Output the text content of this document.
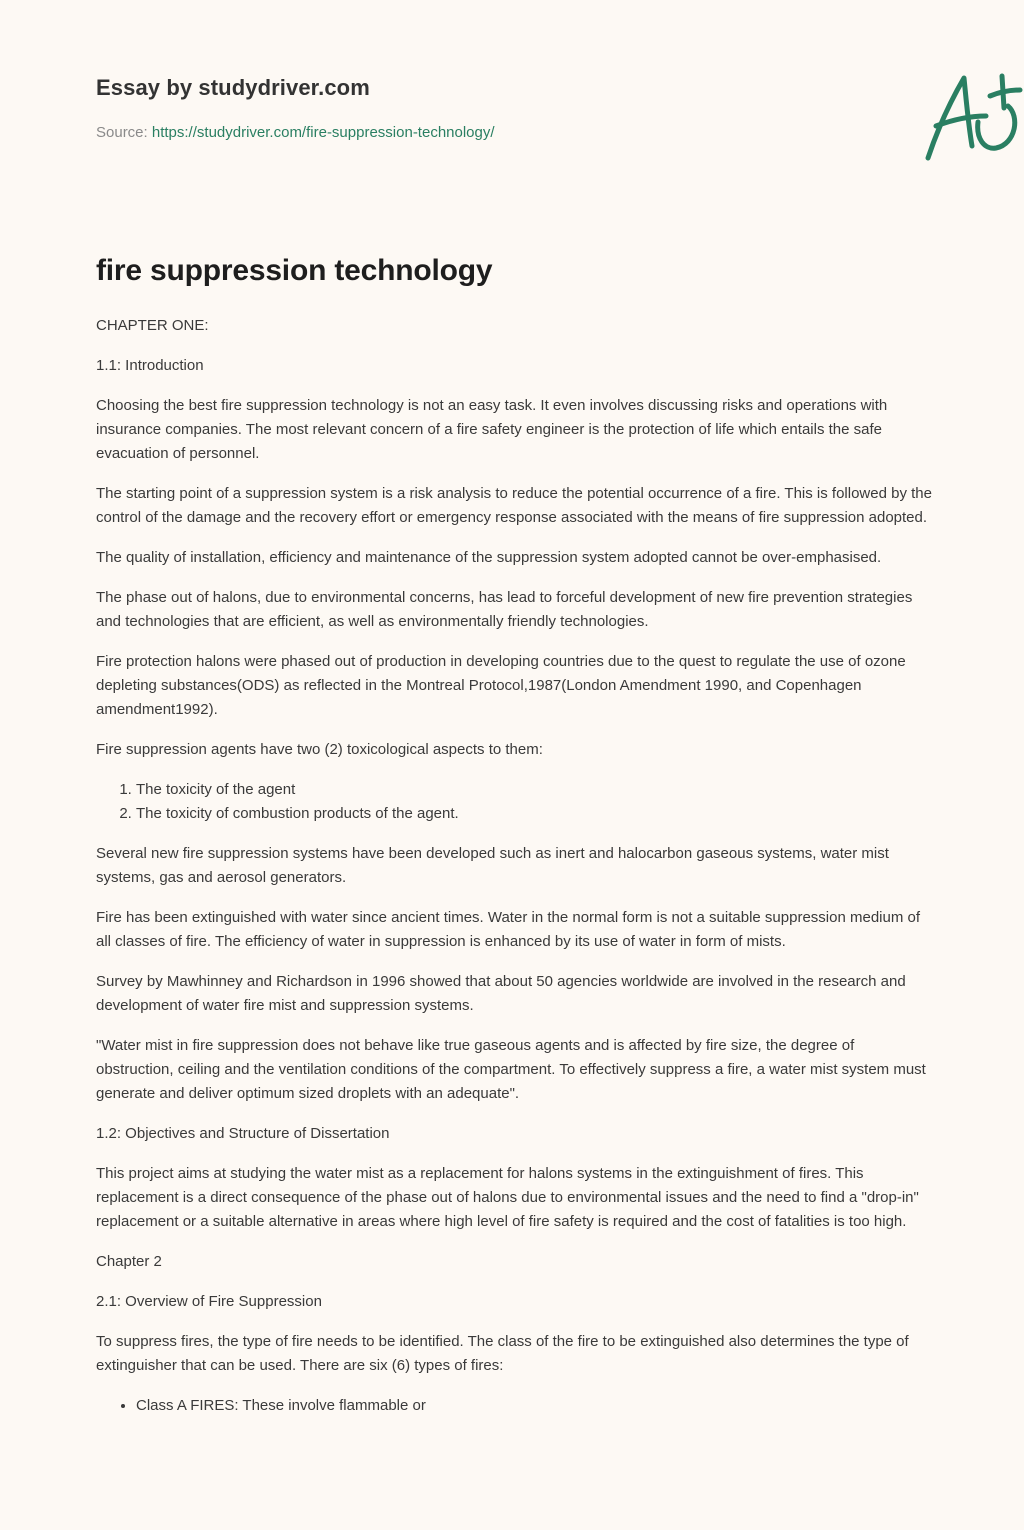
Essay by studydriver.com
Source: https://studydriver.com/fire-suppression-technology/
fire suppression technology

CHAPTER ONE:

1.1: Introduction

Choosing the best fire suppression technology is not an easy task. It even involves discussing risks and operations with insurance companies. The most relevant concern of a fire safety engineer is the protection of life which entails the safe evacuation of personnel.

The starting point of a suppression system is a risk analysis to reduce the potential occurrence of a fire. This is followed by the control of the damage and the recovery effort or emergency response associated with the means of fire suppression adopted.

The quality of installation, efficiency and maintenance of the suppression system adopted cannot be over-emphasised.

The phase out of halons, due to environmental concerns, has lead to forceful development of new fire prevention strategies and technologies that are efficient, as well as environmentally friendly technologies.

Fire protection halons were phased out of production in developing countries due to the quest to regulate the use of ozone depleting substances(ODS) as reflected in the Montreal Protocol,1987(London Amendment 1990, and Copenhagen amendment1992).

Fire suppression agents have two (2) toxicological aspects to them:

1. The toxicity of the agent
2. The toxicity of combustion products of the agent.

Several new fire suppression systems have been developed such as inert and halocarbon gaseous systems, water mist systems, gas and aerosol generators.

Fire has been extinguished with water since ancient times. Water in the normal form is not a suitable suppression medium of all classes of fire. The efficiency of water in suppression is enhanced by its use of water in form of mists.

Survey by Mawhinney and Richardson in 1996 showed that about 50 agencies worldwide are involved in the research and development of water fire mist and suppression systems.

"Water mist in fire suppression does not behave like true gaseous agents and is affected by fire size, the degree of obstruction, ceiling and the ventilation conditions of the compartment. To effectively suppress a fire, a water mist system must generate and deliver optimum sized droplets with an adequate".

1.2: Objectives and Structure of Dissertation

This project aims at studying the water mist as a replacement for halons systems in the extinguishment of fires. This replacement is a direct consequence of the phase out of halons due to environmental issues and the need to find a "drop-in" replacement or a suitable alternative in areas where high level of fire safety is required and the cost of fatalities is too high.

Chapter 2

2.1: Overview of Fire Suppression

To suppress fires, the type of fire needs to be identified. The class of the fire to be extinguished also determines the type of extinguisher that can be used. There are six (6) types of fires:

• Class A FIRES: These involve flammable or
